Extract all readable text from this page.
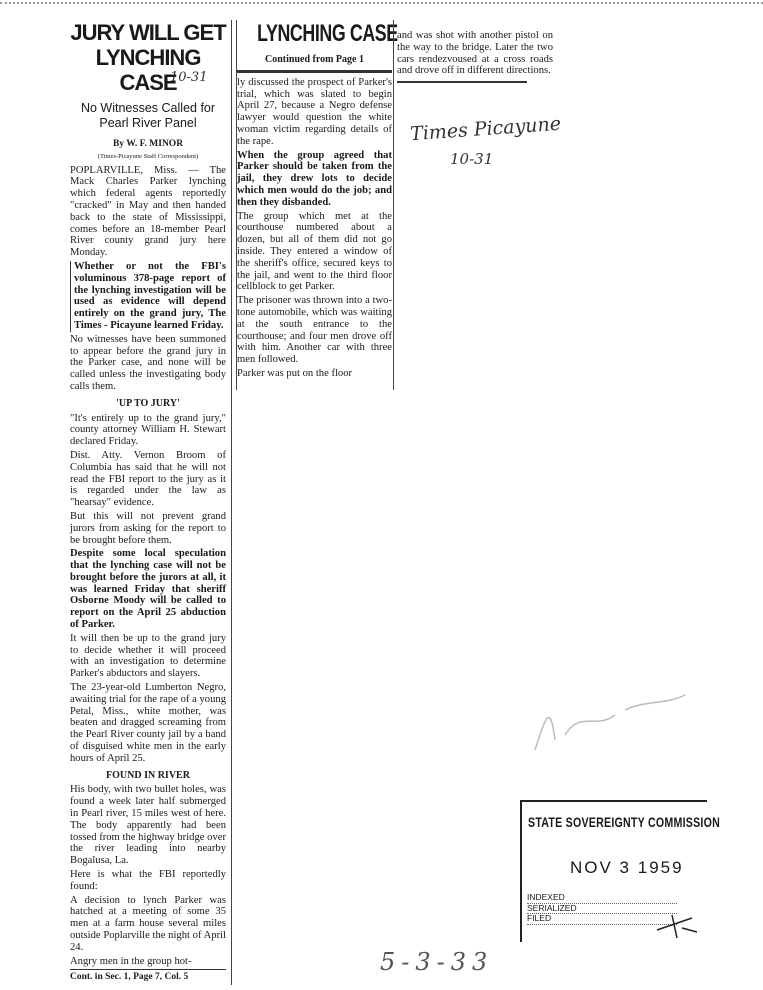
JURY WILL GET LYNCHING CASE
No Witnesses Called for Pearl River Panel
By W. F. MINOR
(Times-Picayune Staff Correspondent)

POPLARVILLE, Miss. — The Mack Charles Parker lynching which federal agents reportedly "cracked" in May and then handed back to the state of Mississippi, comes before an 18-member Pearl River county grand jury here Monday.

Whether or not the FBI's voluminous 378-page report of the lynching investigation will be used as evidence will depend entirely on the grand jury, The Times - Picayune learned Friday.

No witnesses have been summoned to appear before the grand jury in the Parker case, and none will be called unless the investigating body calls them.

'UP TO JURY'

"It's entirely up to the grand jury," county attorney William H. Stewart declared Friday.

Dist. Atty. Vernon Broom of Columbia has said that he will not read the FBI report to the jury as it is regarded under the law as "hearsay" evidence.

But this will not prevent grand jurors from asking for the report to be brought before them.

Despite some local speculation that the lynching case will not be brought before the jurors at all, it was learned Friday that sheriff Osborne Moody will be called to report on the April 25 abduction of Parker.

It will then be up to the grand jury to decide whether it will proceed with an investigation to determine Parker's abductors and slayers.

The 23-year-old Lumberton Negro, awaiting trial for the rape of a young Petal, Miss., white mother, was beaten and dragged screaming from the Pearl River county jail by a band of disguised white men in the early hours of April 25.

FOUND IN RIVER

His body, with two bullet holes, was found a week later half submerged in Pearl river, 15 miles west of here. The body apparently had been tossed from the highway bridge over the river leading into nearby Bogalusa, La.

Here is what the FBI reportedly found:

A decision to lynch Parker was hatched at a meeting of some 35 men at a farm house several miles outside Poplarville the night of April 24.

Angry men in the group hot-

Cont. in Sec. 1, Page 7, Col. 5
10-31
LYNCHING CASE
Continued from Page 1

ly discussed the prospect of Parker's trial, which was slated to begin April 27, because a Negro defense lawyer would question the white woman victim regarding details of the rape.

When the group agreed that Parker should be taken from the jail, they drew lots to decide which men would do the job; and then they disbanded.

The group which met at the courthouse numbered about a dozen, but all of them did not go inside. They entered a window of the sheriff's office, secured keys to the jail, and went to the third floor cellblock to get Parker.

The prisoner was thrown into a two-tone automobile, which was waiting at the south entrance to the courthouse; and four men drove off with him. Another car with three men followed.

Parker was put on the floor

and was shot with another pistol on the way to the bridge. Later the two cars rendezvoused at a cross roads and drove off in different directions.

Times Picayune
10-31
5-3-33
STATE SOVEREIGNTY COMMISSION
NOV 3 1959
INDEXED
SERIALIZED
FILED
